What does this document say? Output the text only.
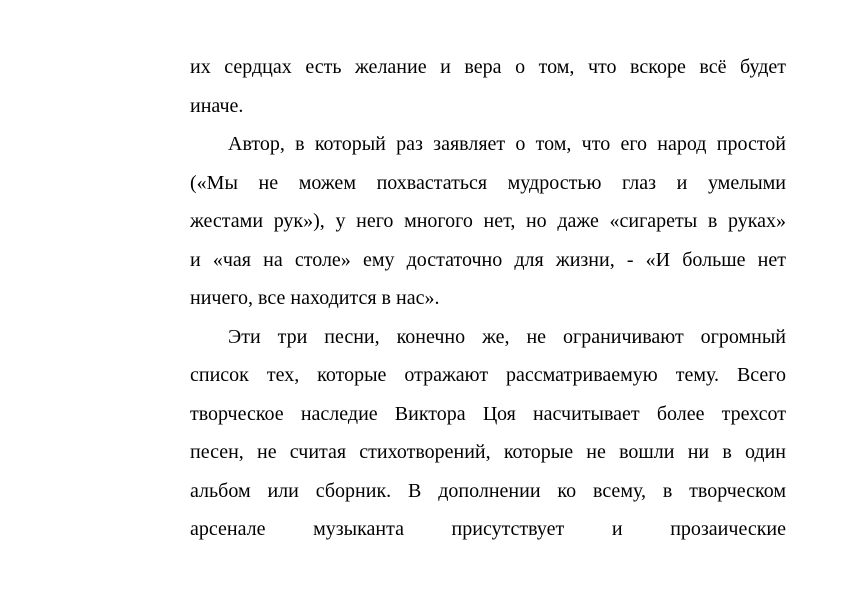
их сердцах есть желание и вера о том, что вскоре всё будет
иначе.
Автор, в который раз заявляет о том, что его народ простой
(«Мы не можем похвастаться мудростью глаз и умелыми
жестами рук»), у него многого нет, но даже «сигареты в руках»
и «чая на столе» ему достаточно для жизни, - «И больше нет
ничего, все находится в нас».
Эти три песни, конечно же, не ограничивают огромный
список тех, которые отражают рассматриваемую тему. Всего
творческое наследие Виктора Цоя насчитывает более трехсот
песен, не считая стихотворений, которые не вошли ни в один
альбом или сборник. В дополнении ко всему, в творческом
арсенале музыканта присутствует и прозаические
